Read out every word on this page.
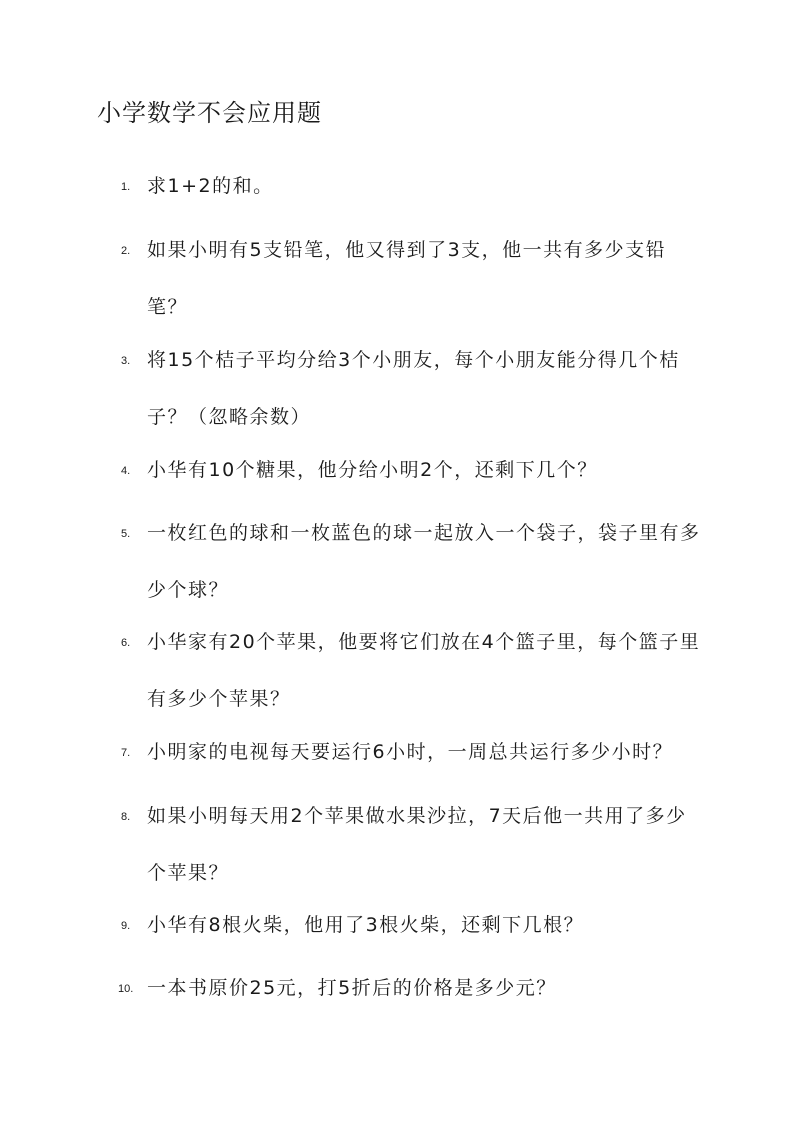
小学数学不会应用题
1. 求1+2的和。
2. 如果小明有5支铅笔，他又得到了3支，他一共有多少支铅笔？
3. 将15个桔子平均分给3个小朋友，每个小朋友能分得几个桔子？（忽略余数）
4. 小华有10个糖果，他分给小明2个，还剩下几个？
5. 一枚红色的球和一枚蓝色的球一起放入一个袋子，袋子里有多少个球？
6. 小华家有20个苹果，他要将它们放在4个篮子里，每个篮子里有多少个苹果？
7. 小明家的电视每天要运行6小时，一周总共运行多少小时？
8. 如果小明每天用2个苹果做水果沙拉，7天后他一共用了多少个苹果？
9. 小华有8根火柴，他用了3根火柴，还剩下几根？
10. 一本书原价25元，打5折后的价格是多少元？
